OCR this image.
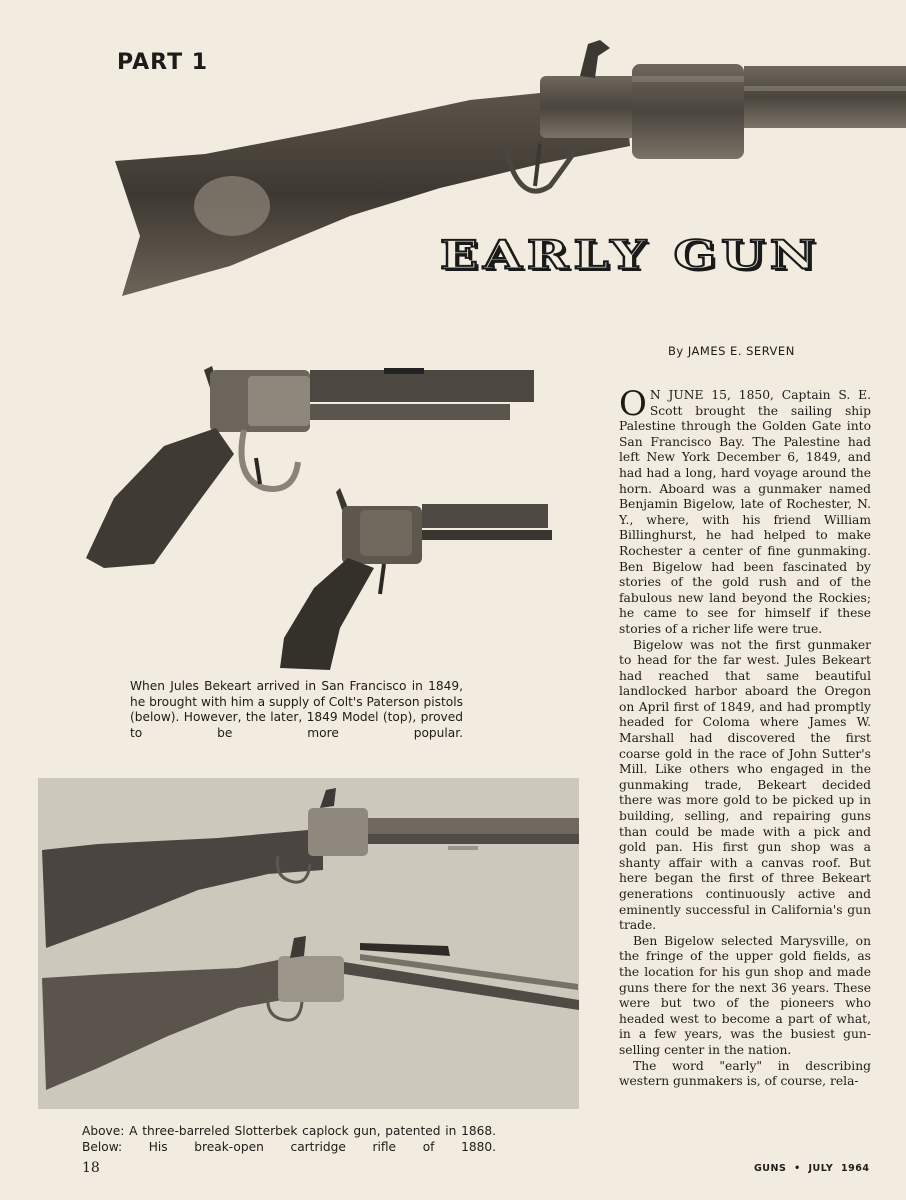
PART 1
EARLY GUN
When Jules Bekeart arrived in San Francisco in 1849, he brought with him a supply of Colt's Paterson pistols (below). However, the later, 1849 Model (top), proved to be more popular.
Above: A three-barreled Slotterbek caplock gun, patented in 1868. Below: His break-open cartridge rifle of 1880.
By JAMES E. SERVEN

O N JUNE 15, 1850, Captain S. E. Scott brought the sailing ship Palestine through the Golden Gate into San Francisco Bay. The Palestine had left New York December 6, 1849, and had had a long, hard voyage around the horn. Aboard was a gunmaker named Benjamin Bigelow, late of Rochester, N. Y., where, with his friend William Billinghurst, he had helped to make Rochester a center of fine gunmaking. Ben Bigelow had been fascinated by stories of the gold rush and of the fabulous new land beyond the Rockies; he came to see for himself if these stories of a richer life were true.

Bigelow was not the first gunmaker to head for the far west. Jules Bekeart had reached that same beautiful landlocked harbor aboard the Oregon on April first of 1849, and had promptly headed for Coloma where James W. Marshall had discovered the first coarse gold in the race of John Sutter's Mill. Like others who engaged in the gunmaking trade, Bekeart decided there was more gold to be picked up in building, selling, and repairing guns than could be made with a pick and gold pan. His first gun shop was a shanty affair with a canvas roof. But here began the first of three Bekeart generations continuously active and eminently successful in California's gun trade.

Ben Bigelow selected Marysville, on the fringe of the upper gold fields, as the location for his gun shop and made guns there for the next 36 years. These were but two of the pioneers who headed west to become a part of what, in a few years, was the busiest gun-selling center in the nation.

The word "early" in describing western gunmakers is, of course, rela-

18	GUNS • JULY 1964
